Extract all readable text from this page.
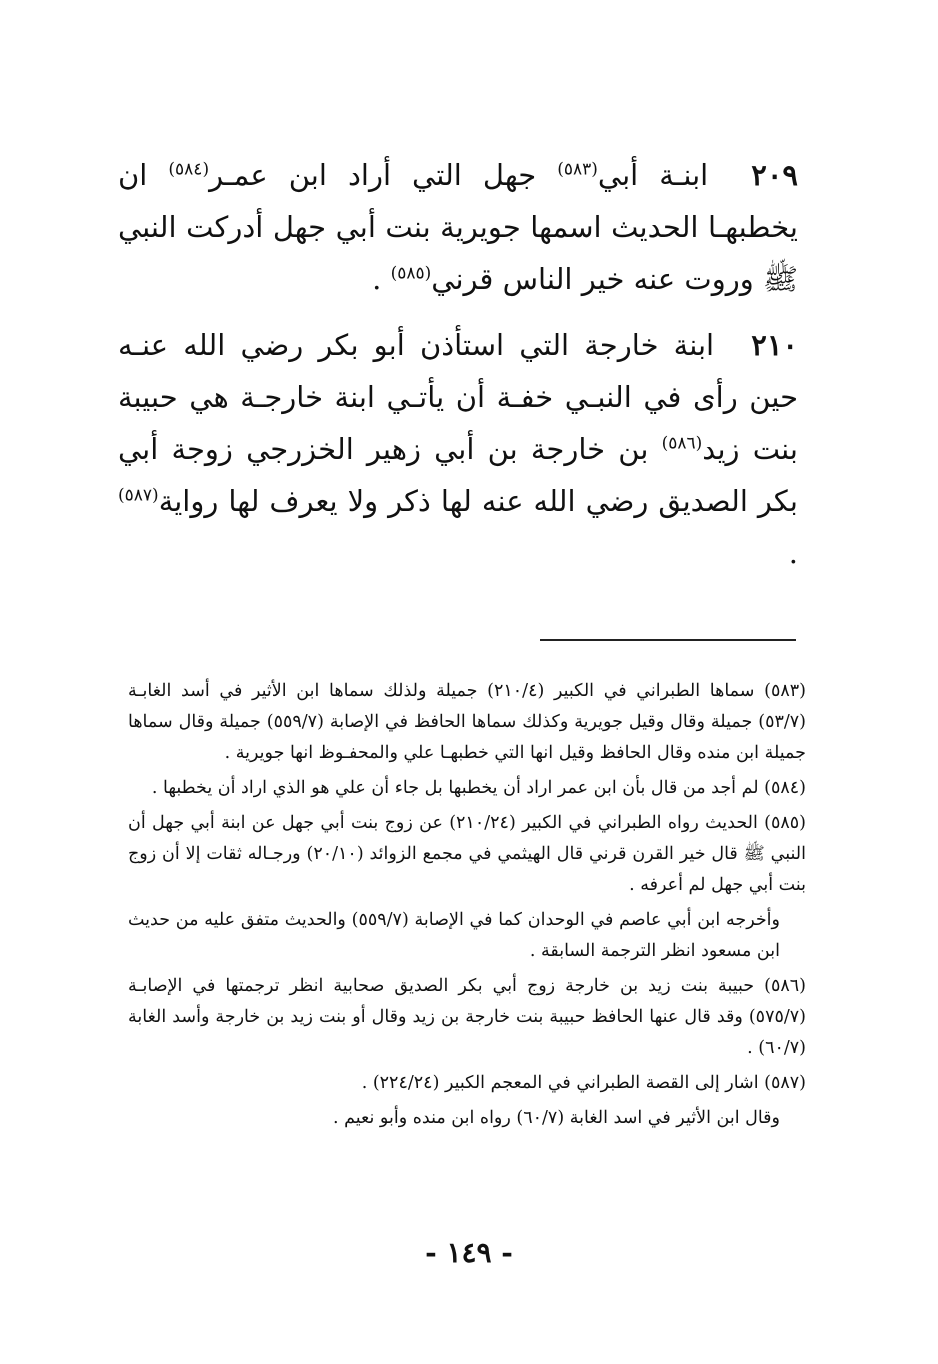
٢٠٩ ابنـة أبي$^{(٥٨٣)}$ جهل التي أراد ابن عمـر$^{(٥٨٤)}$ ان يخطبهـا الحديث اسمها جويرية بنت أبي جهل أدركت النبي ﷺ وروت عنه خير الناس قرني$^{(٥٨٥)}$ .

٢١٠ ابنة خارجة التي استأذن أبو بكر رضي الله عنـه حين رأى في النبـي خفـة أن يأتـي ابنة خارجـة هي حبيبة بنت زيد$^{(٥٨٦)}$ بن خارجة بن أبي زهير الخزرجي زوجة أبي بكر الصديق رضي الله عنه لها ذكر ولا يعرف لها رواية$^{(٥٨٧)}$ .

(٥٨٣) سماها الطبراني في الكبير (٢١٠/٤) جميلة ولذلك سماها ابن الأثير في أسد الغابـة (٥٣/٧) جميلة وقال وقيل جويرية وكذلك سماها الحافظ في الإصابة (٥٥٩/٧) جميلة وقال سماها جميلة ابن منده وقال الحافظ وقيل انها التي خطبهـا علي والمحفـوظ انها جويرية .

(٥٨٤) لم أجد من قال بأن ابن عمر اراد أن يخطبها بل جاء أن علي هو الذي اراد أن يخطبها .

(٥٨٥) الحديث رواه الطبراني في الكبير (٢١٠/٢٤) عن زوج بنت أبي جهل عن ابنة أبي جهل أن النبي ﷺ قال خير القرن قرني قال الهيثمي في مجمع الزوائد (٢٠/١٠) ورجـاله ثقات إلا أن زوج بنت أبي جهل لم أعرفه .

وأخرجه ابن أبي عاصم في الوحدان كما في الإصابة (٥٥٩/٧) والحديث متفق عليه من حديث ابن مسعود انظر الترجمة السابقة .

(٥٨٦) حبيبة بنت زيد بن خارجة زوج أبي بكر الصديق صحابية انظر ترجمتها في الإصابـة (٥٧٥/٧) وقد قال عنها الحافظ حبيبة بنت خارجة بن زيد وقال أو بنت زيد بن خارجة وأسد الغابة (٦٠/٧) .

(٥٨٧) اشار إلى القصة الطبراني في المعجم الكبير (٢٢٤/٢٤) .

وقال ابن الأثير في اسد الغابة (٦٠/٧) رواه ابن منده وأبو نعيم .

- ١٤٩ -
